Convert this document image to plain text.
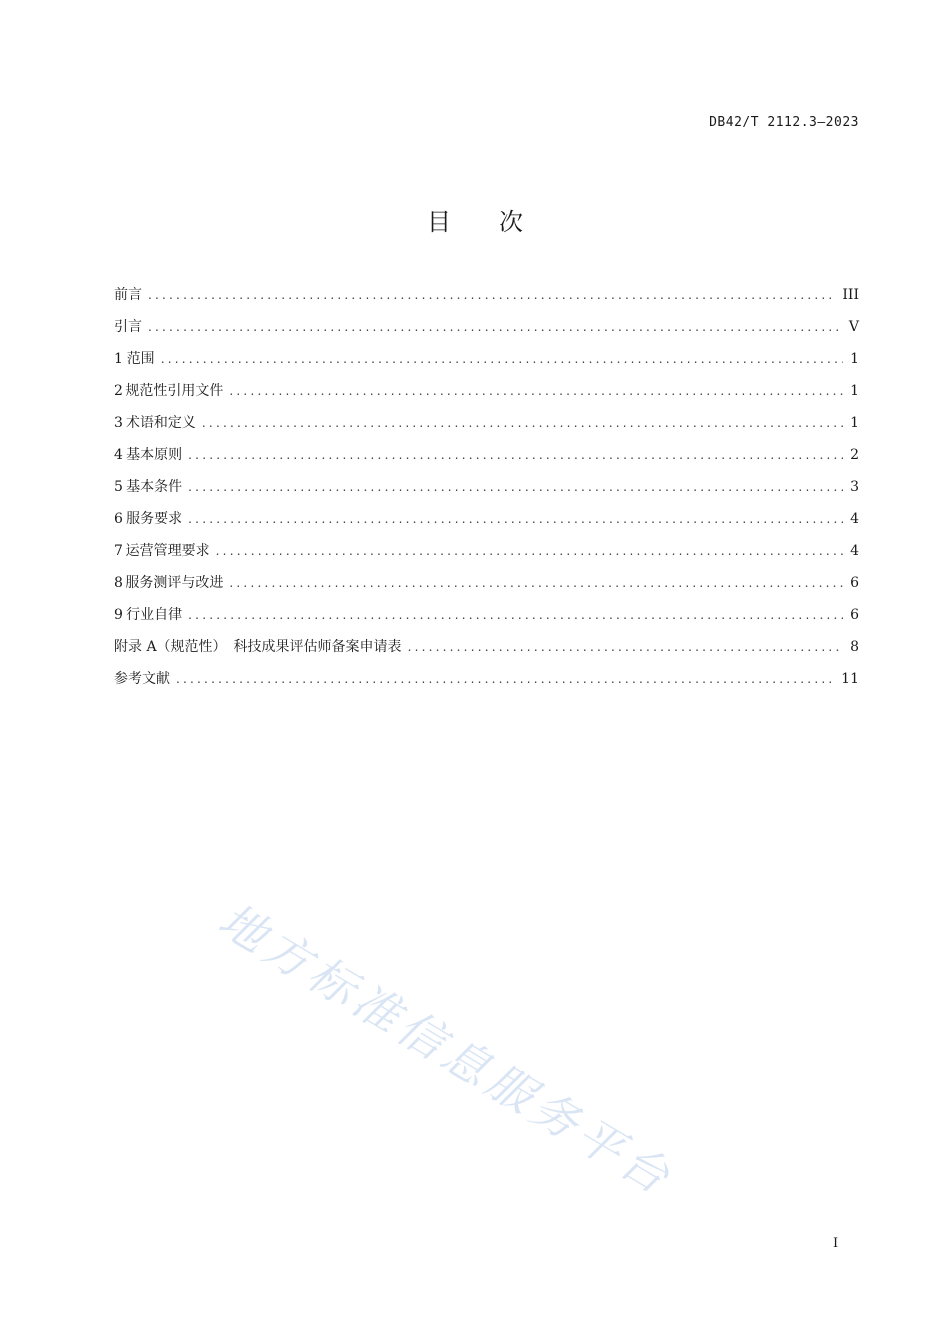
DB42/T 2112.3—2023
目 次
前言 .....	III
引言 .....	V
1 范围 .....	1
2 规范性引用文件 .....	1
3 术语和定义 .....	1
4 基本原则 .....	2
5 基本条件 .....	3
6 服务要求 .....	4
7 运营管理要求 .....	4
8 服务测评与改进 .....	6
9 行业自律 .....	6
附录 A（规范性）　科技成果评估师备案申请表 .....	8
参考文献 .....	11
地方标准信息服务平台
I
